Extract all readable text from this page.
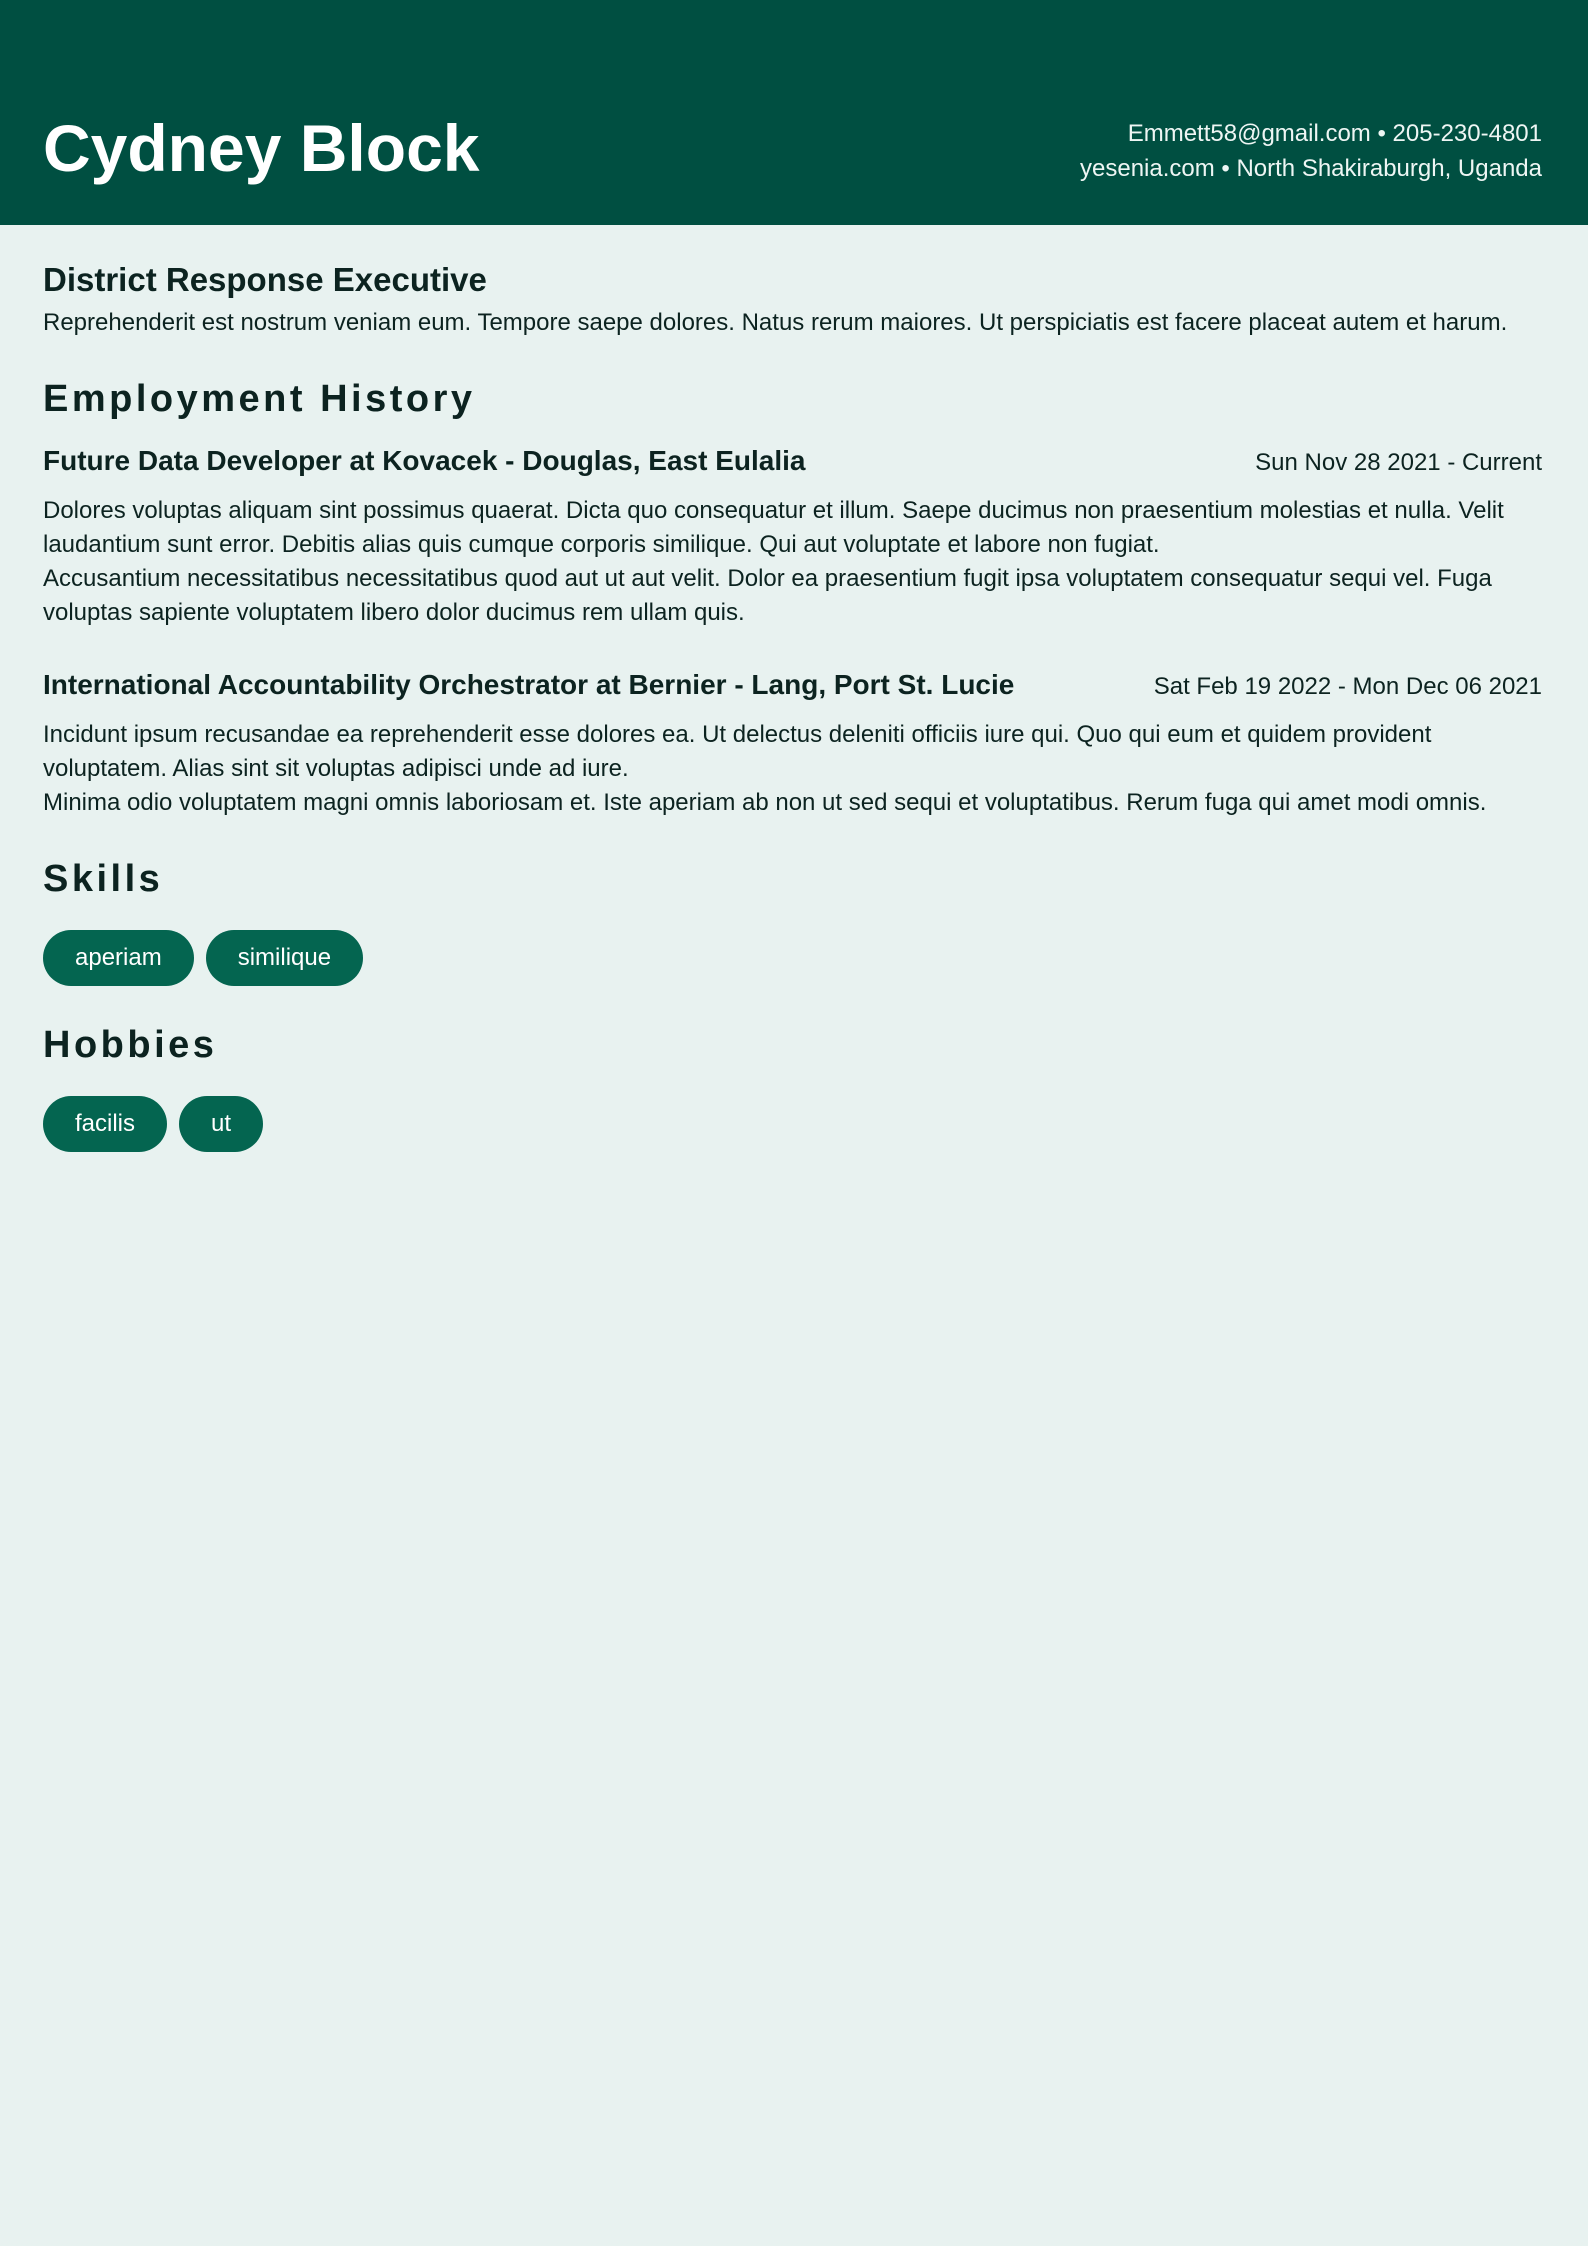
Cydney Block	Emmett58@gmail.com • 205-230-4801
yesenia.com • North Shakiraburgh, Uganda
District Response Executive

Reprehenderit est nostrum veniam eum. Tempore saepe dolores. Natus rerum maiores. Ut perspiciatis est facere placeat autem et harum.

Employment History
Future Data Developer at Kovacek - Douglas, East Eulalia	Sun Nov 28 2021 - Current

Dolores voluptas aliquam sint possimus quaerat. Dicta quo consequatur et illum. Saepe ducimus non praesentium molestias et nulla. Velit laudantium sunt error. Debitis alias quis cumque corporis similique. Qui aut voluptate et labore non fugiat.

Accusantium necessitatibus necessitatibus quod aut ut aut velit. Dolor ea praesentium fugit ipsa voluptatem consequatur sequi vel. Fuga voluptas sapiente voluptatem libero dolor ducimus rem ullam quis.

International Accountability Orchestrator at Bernier - Lang, Port St. Lucie	Sat Feb 19 2022 - Mon Dec 06 2021

Incidunt ipsum recusandae ea reprehenderit esse dolores ea. Ut delectus deleniti officiis iure qui. Quo qui eum et quidem provident voluptatem. Alias sint sit voluptas adipisci unde ad iure.

Minima odio voluptatem magni omnis laboriosam et. Iste aperiam ab non ut sed sequi et voluptatibus. Rerum fuga qui amet modi omnis.

Skills
aperiam	similique
Hobbies
facilis	ut
